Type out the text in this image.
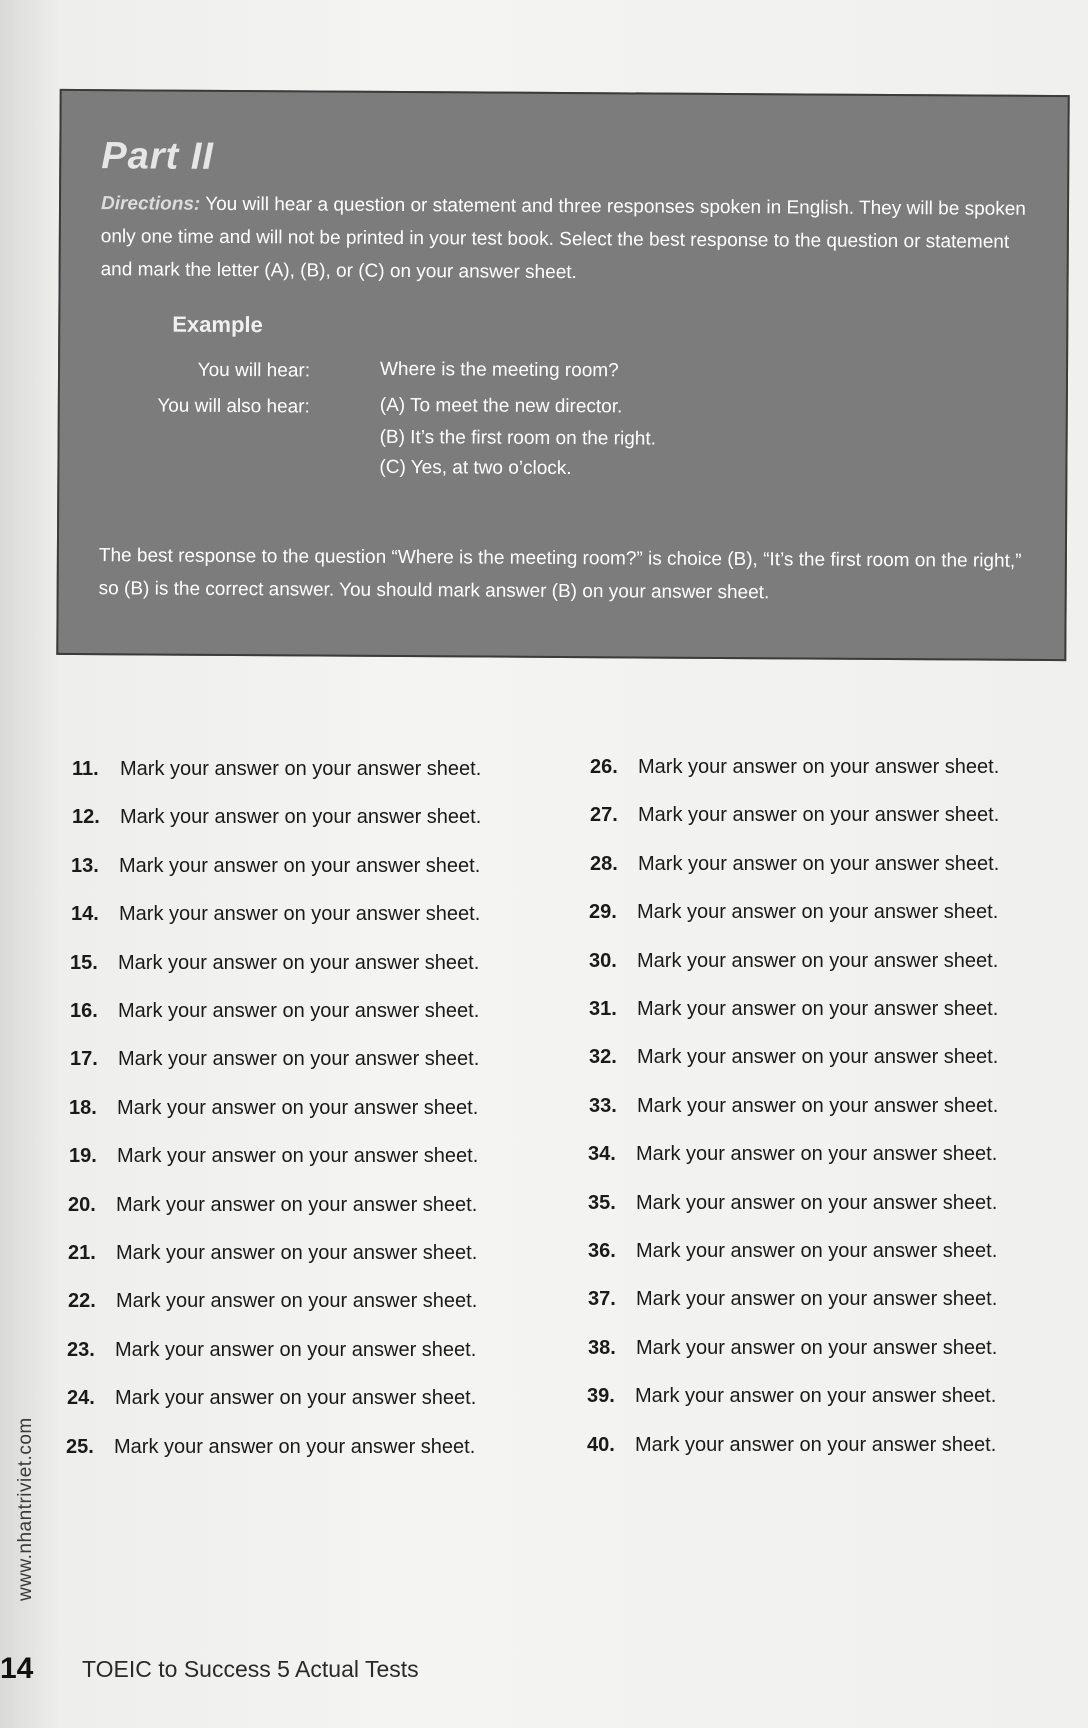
Part II
Directions: You will hear a question or statement and three responses spoken in English. They will be spoken only one time and will not be printed in your test book. Select the best response to the question or statement and mark the letter (A), (B), or (C) on your answer sheet.
Example
You will hear:	Where is the meeting room?
You will also hear:	(A) To meet the new director.
(B) It’s the first room on the right.
(C) Yes, at two o’clock.
The best response to the question “Where is the meeting room?” is choice (B), “It’s the first room on the right,” so (B) is the correct answer. You should mark answer (B) on your answer sheet.
11. Mark your answer on your answer sheet.
12. Mark your answer on your answer sheet.
13. Mark your answer on your answer sheet.
14. Mark your answer on your answer sheet.
15. Mark your answer on your answer sheet.
16. Mark your answer on your answer sheet.
17. Mark your answer on your answer sheet.
18. Mark your answer on your answer sheet.
19. Mark your answer on your answer sheet.
20. Mark your answer on your answer sheet.
21. Mark your answer on your answer sheet.
22. Mark your answer on your answer sheet.
23. Mark your answer on your answer sheet.
24. Mark your answer on your answer sheet.
25. Mark your answer on your answer sheet.
26. Mark your answer on your answer sheet.
27. Mark your answer on your answer sheet.
28. Mark your answer on your answer sheet.
29. Mark your answer on your answer sheet.
30. Mark your answer on your answer sheet.
31. Mark your answer on your answer sheet.
32. Mark your answer on your answer sheet.
33. Mark your answer on your answer sheet.
34. Mark your answer on your answer sheet.
35. Mark your answer on your answer sheet.
36. Mark your answer on your answer sheet.
37. Mark your answer on your answer sheet.
38. Mark your answer on your answer sheet.
39. Mark your answer on your answer sheet.
40. Mark your answer on your answer sheet.
www.nhantriviet.com
14 TOEIC to Success 5 Actual Tests
